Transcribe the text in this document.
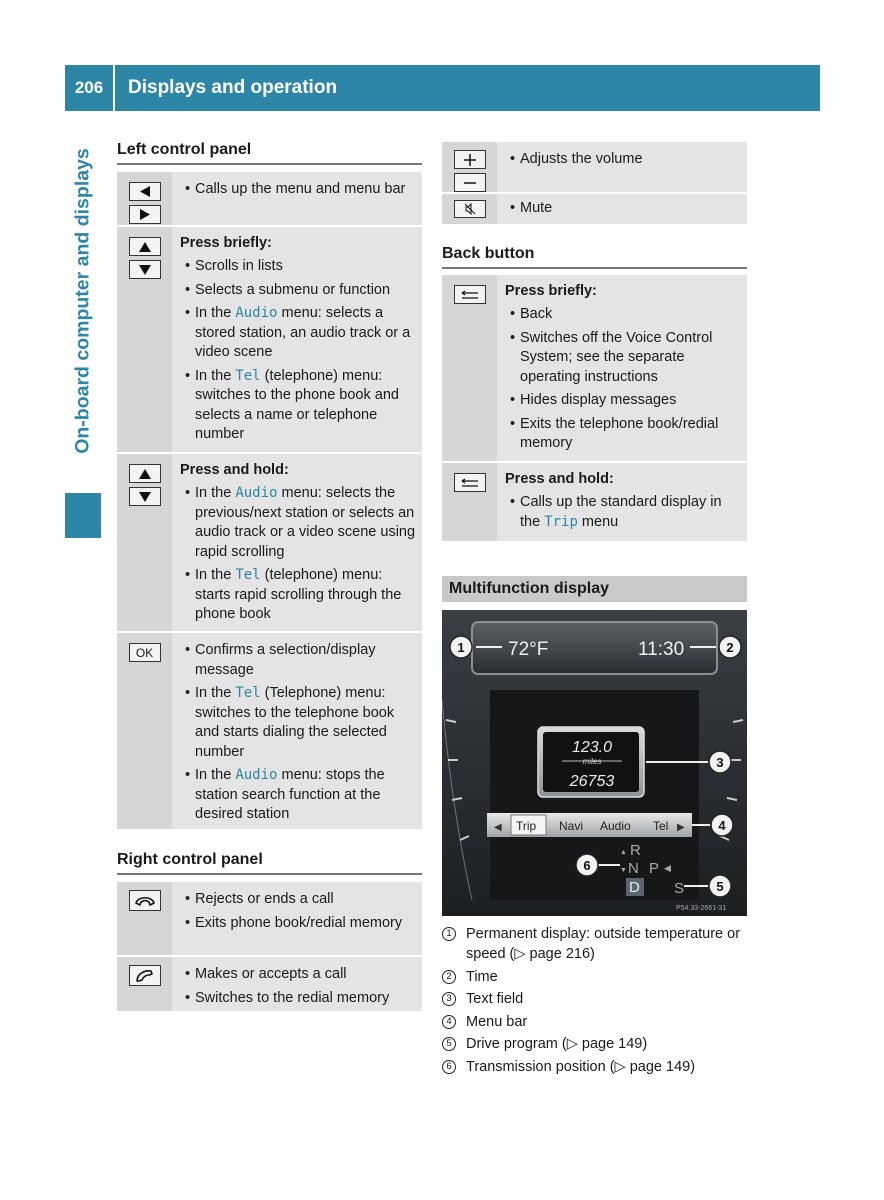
206	Displays and operation
On-board computer and displays Left control panel
• Calls up the menu and menu bar
Press briefly:
• Scrolls in lists
• Selects a submenu or function
• In the Audio menu: selects a stored station, an audio track or a video scene
• In the Tel (telephone) menu: switches to the phone book and selects a name or telephone number
Press and hold:
• In the Audio menu: selects the previous/next station or selects an audio track or a video scene using rapid scrolling
• In the Tel (telephone) menu: starts rapid scrolling through the phone book
OK
•	Confirms a selection/display message
• In the Tel (Telephone) menu: switches to the telephone book and starts dialing the selected number
• In the Audio menu: stops the station search function at the desired station
Right control panel
• Rejects or ends a call
• Exits phone book/redial memory
• Makes or accepts a call
• Switches to the redial memory
• Adjusts the volume
• Mute
Back button
Press briefly:
• Back
• Switches off the Voice Control System; see the separate operating instructions
• Hides display messages
• Exits the telephone book/redial memory
Press and hold:
• Calls up the standard display in the Trip menu
Multifunction display
72°F	11:30
123.0
miles
26753
◀ Trip Navi Audio Tel ▶
R
N P ◀
▲
▼
D S
P54.33-2661-31
1	2
3
4
5
6
1 Permanent display: outside temperature or speed (▷ page 216)
2 Time
3 Text field
4 Menu bar
5 Drive program (▷ page 149)
6 Transmission position (▷ page 149)
